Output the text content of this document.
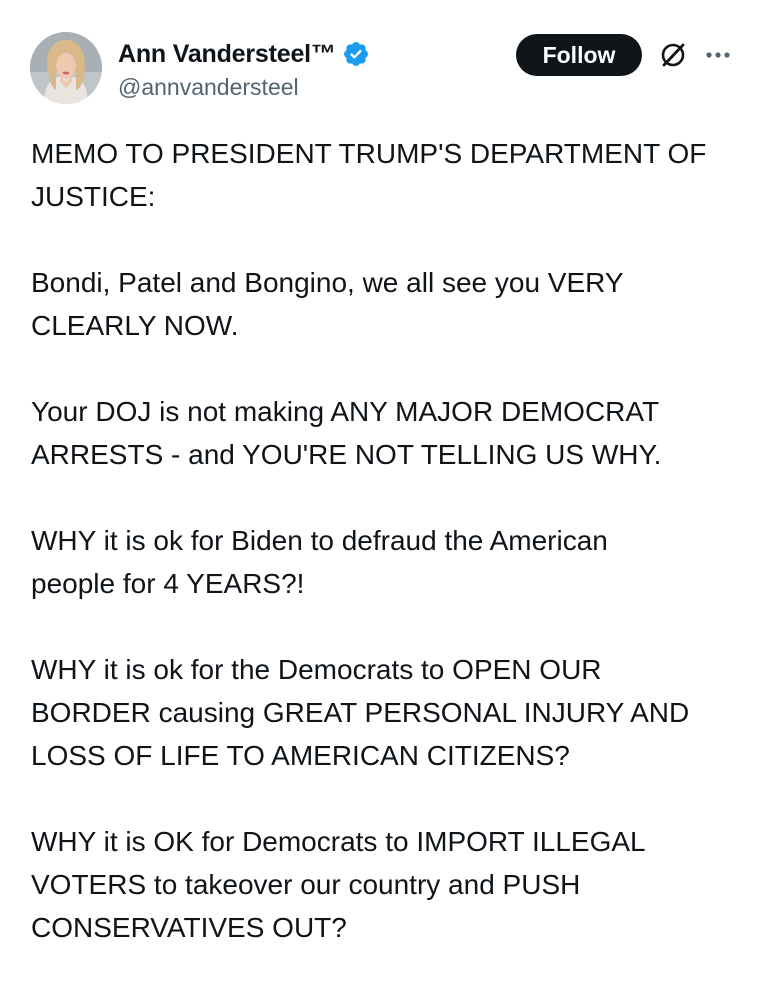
Ann Vandersteel™
@annvandersteel
Follow

MEMO TO PRESIDENT TRUMP'S DEPARTMENT OF
JUSTICE:

Bondi, Patel and Bongino, we all see you VERY
CLEARLY NOW.

Your DOJ is not making ANY MAJOR DEMOCRAT
ARRESTS - and YOU'RE NOT TELLING US WHY.

WHY it is ok for Biden to defraud the American
people for 4 YEARS?!

WHY it is ok for the Democrats to OPEN OUR
BORDER causing GREAT PERSONAL INJURY AND
LOSS OF LIFE TO AMERICAN CITIZENS?

WHY it is OK for Democrats to IMPORT ILLEGAL
VOTERS to takeover our country and PUSH
CONSERVATIVES OUT?
